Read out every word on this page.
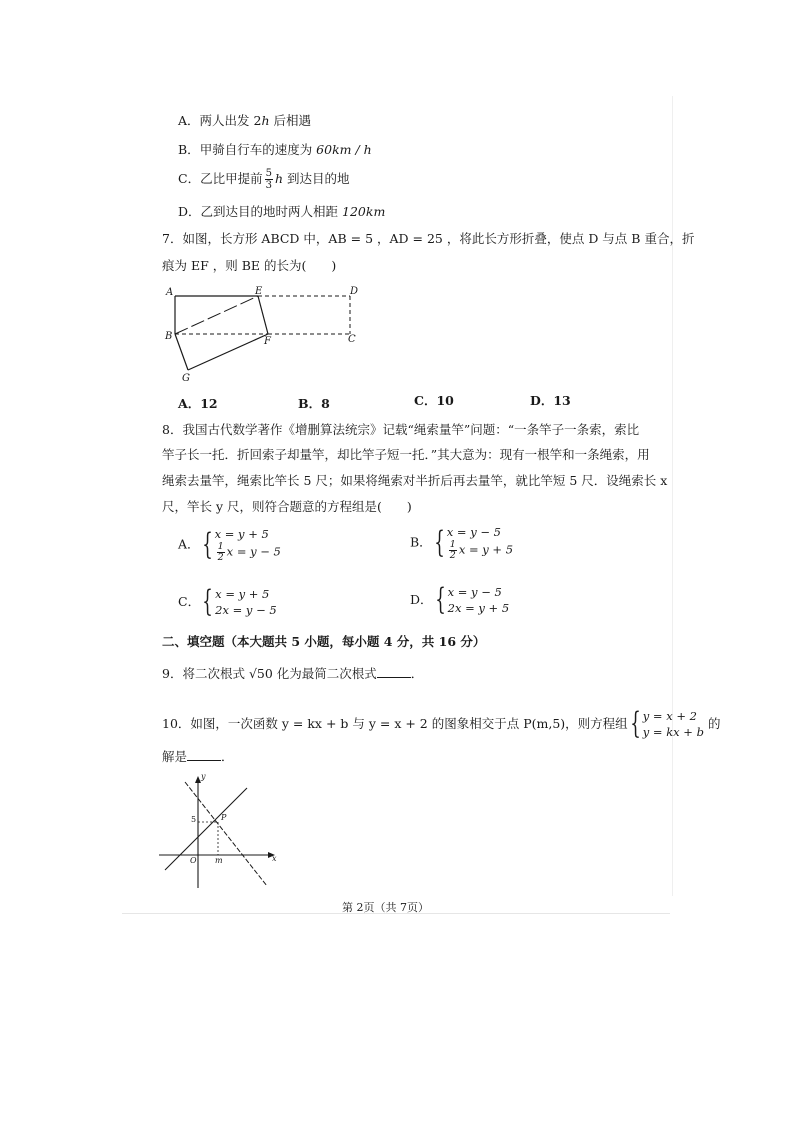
A．两人出发 2h 后相遇
B．甲骑自行车的速度为 60km / h
C．乙比甲提前 $\frac{5}{3}$ h 到达目的地
D．乙到达目的地时两人相距 120km
7．如图，长方形 ABCD 中，AB = 5 ，AD = 25 ，将此长方形折叠，使点 D 与点 B 重合，折
痕为 EF ，则 BE 的长为(　　)
A	E	D
B	F	C
G
A．12	B．8	C．10	D．13
8．我国古代数学著作《增删算法统宗》记载“绳索量竿”问题：“一条竿子一条索，索比
竿子长一托．折回索子却量竿，却比竿子短一托．”其大意为：现有一根竿和一条绳索，用
绳索去量竿，绳索比竿长 5 尺；如果将绳索对半折后再去量竿，就比竿短 5 尺．设绳索长 x
尺，竿长 y 尺，则符合题意的方程组是(　　)
A．{ x = y + 5
$\frac{1}{2}$ x = y − 5
B．{ x = y − 5
$\frac{1}{2}$ x = y + 5
C．{ x = y + 5
2x = y − 5
D．{ x = y − 5
2x = y + 5
二、填空题（本大题共 5 小题，每小题 4 分，共 16 分）
9．将二次根式 √50 化为最简二次根式	．
10．如图，一次函数 y = kx + b 与 y = x + 2 的图象相交于点 P(m,5)，则方程组{ y = x + 2
y = kx + b
的
解是	．
y
5	P
O m	x
第 2页（共 7页）
